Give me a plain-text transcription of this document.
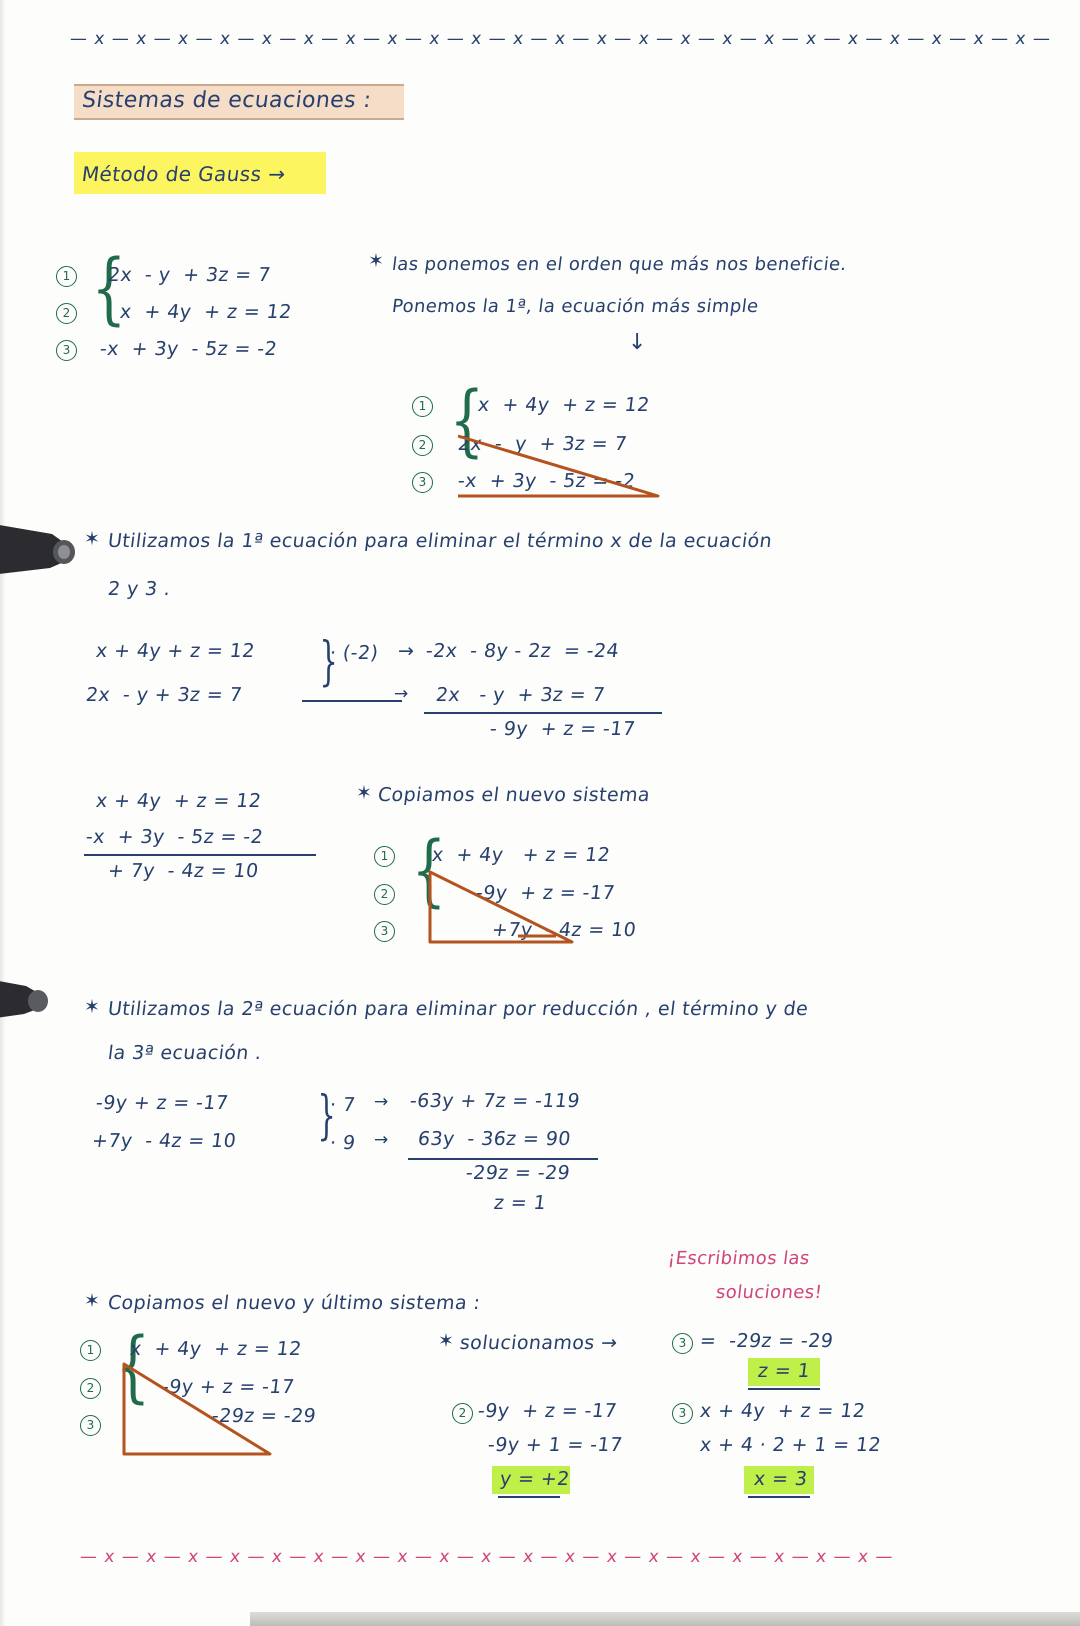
— x — x — x — x — x — x — x — x — x — x — x — x — x — x — x — x — x — x — x — x — x — x — x —
— x — x — x — x — x — x — x — x — x — x — x — x — x — x — x — x — x — x — x —
Sistemas de ecuaciones :
Método de Gauss →
1
2
3
{
2x  - y  + 3z = 7
x  + 4y  + z = 12
-x  + 3y  - 5z = -2
✶ las ponemos en el orden que más nos beneficie.
Ponemos la 1ª, la ecuación más simple
↓
1
2
3
{
x  + 4y  + z = 12
2x  -  y  + 3z = 7
-x  + 3y  - 5z = -2
✶ Utilizamos la 1ª ecuación para eliminar el término x de la ecuación
2 y 3 .
x + 4y + z = 12
2x  - y + 3z = 7
}
· (-2) →
→
-2x  - 8y - 2z  = -24
2x   - y  + 3z = 7
- 9y  + z = -17
x + 4y  + z = 12
-x  + 3y  - 5z = -2
+ 7y  - 4z = 10
✶ Copiamos el nuevo sistema
1
2
3
{
x  + 4y   + z = 12
-9y  + z = -17
+7y  - 4z = 10
✶ Utilizamos la 2ª ecuación para eliminar por reducción , el término y de
la 3ª ecuación .
-9y + z = -17
+7y  - 4z = 10 }
· 7
· 9
→
→
-63y + 7z = -119
63y  - 36z = 90
-29z = -29
z = 1
¡Escribimos las
soluciones!
✶ Copiamos el nuevo y último sistema :
1
2
3
{
x  + 4y  + z = 12
-9y + z = -17
-29z = -29
✶ solucionamos →	3 =  -29z = -29
z = 1
2 -9y  + z = -17
-9y + 1 = -17
y = +2
3 x + 4y  + z = 12
x + 4 · 2 + 1 = 12
x = 3
